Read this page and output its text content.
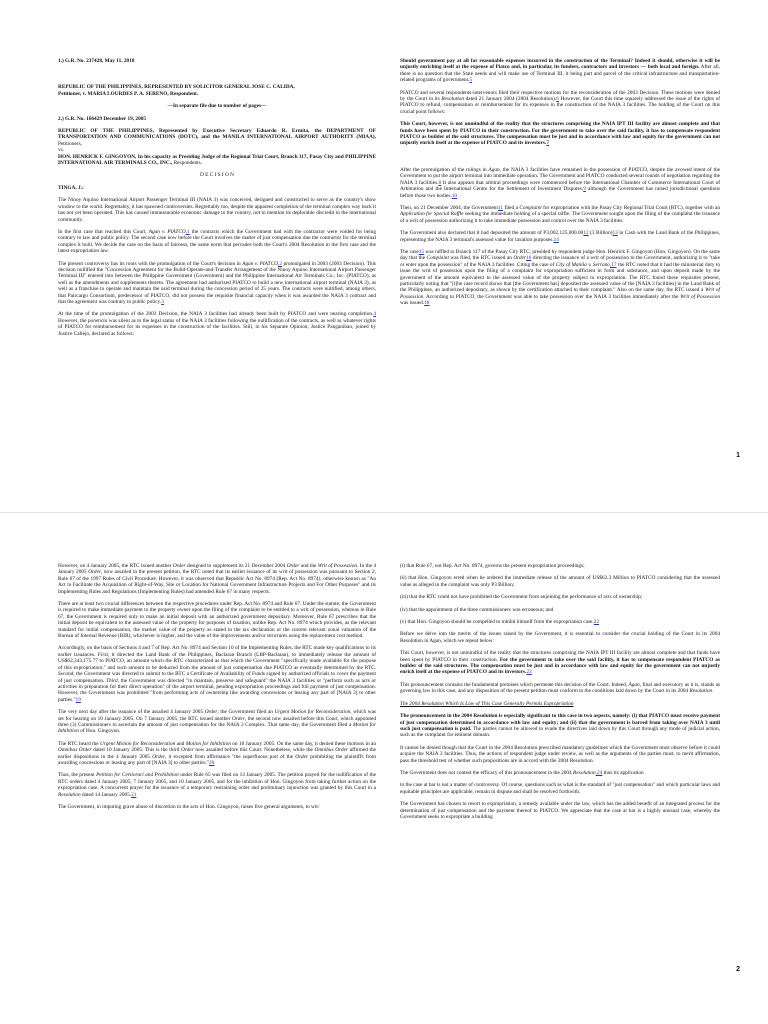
1.) G.R. No. 237428, May 11, 2018

REPUBLIC OF THE PHILIPPINES, REPRESENTED BY SOLICITOR GENERAL JOSE C. CALIDA,
Petitioner, v. MARIA LOURDES P. A. SERENO, Respondent.

—In separate file due to number of pages—

2.) G.R. No. 166429 December 19, 2005

REPUBLIC OF THE PHILIPPINES, Represented by Executive Secretary Eduardo R. Ermita, the DEPARTMENT OF TRANSPORTATION AND COMMUNICATIONS (DOTC), and the MANILA INTERNATIONAL AIRPORT AUTHORITY (MIAA), Petitioners,
vs.
HON. HENRICK F. GINGOYON, In his capacity as Presiding Judge of the Regional Trial Court, Branch 117, Pasay City and PHILIPPINE INTERNATIONAL AIR TERMINALS CO., INC., Respondents.

D E C I S I O N

TINGA, J.:

The Ninoy Aquino International Airport Passenger Terminal III (NAIA 3) was conceived, designed and constructed to serve as the country's show window to the world. Regrettably, it has spawned controversies. Regrettably too, despite the apparent completion of the terminal complex way back it has not yet been operated. This has caused immeasurable economic damage to the country, not to mention its deplorable discredit in the international community.

In the first case that reached this Court, Agan v. PIATCO,1 the contracts which the Government had with the contractor were voided for being contrary to law and public policy. The second case now before the Court involves the matter of just compensation due the contractor for the terminal complex it built. We decide the case on the basis of fairness, the same norm that pervades both the Court's 2004 Resolution in the first case and the latest expropriation law.

The present controversy has its roots with the promulgation of the Court's decision in Agan v. PIATCO,2 promulgated in 2003 (2003 Decision). This decision nullified the "Concession Agreement for the Build-Operate-and-Transfer Arrangement of the Ninoy Aquino International Airport Passenger Terminal III" entered into between the Philippine Government (Government) and the Philippine International Air Terminals Co., Inc. (PIATCO), as well as the amendments and supplements thereto. The agreement had authorized PIATCO to build a new international airport terminal (NAIA 3), as well as a franchise to operate and maintain the said terminal during the concession period of 25 years. The contracts were nullified, among others, that Paircargo Consortium, predecessor of PIATCO, did not possess the requisite financial capacity when it was awarded the NAIA 3 contract and that the agreement was contrary to public policy.3

At the time of the promulgation of the 2003 Decision, the NAIA 3 facilities had already been built by PIATCO and were nearing completion.4 However, the ponencia was silent as to the legal status of the NAIA 3 facilities following the nullification of the contracts, as well as whatever rights of PIATCO for reimbursement for its expenses in the construction of the facilities. Still, in his Separate Opinion, Justice Panganiban, joined by Justice Callejo, declared as follows:

Should government pay at all for reasonable expenses incurred in the construction of the Terminal? Indeed it should, otherwise it will be unjustly enriching itself at the expense of Piatco and, in particular, its funders, contractors and investors — both local and foreign. After all, there is no question that the State needs and will make use of Terminal III, it being part and parcel of the critical infrastructure and transportation-related programs of government.5

PIATCO and several respondents-intervenors filed their respective motions for the reconsideration of the 2003 Decision. These motions were denied by the Court in its Resolution dated 21 January 2004 (2004 Resolution).6 However, the Court this time squarely addressed the issue of the rights of PIATCO to refund, compensation or reimbursement for its expenses in the construction of the NAIA 3 facilities. The holding of the Court on this crucial point follows:

This Court, however, is not unmindful of the reality that the structures comprising the NAIA IPT III facility are almost complete and that funds have been spent by PIATCO in their construction. For the government to take over the said facility, it has to compensate respondent PIATCO as builder of the said structures. The compensation must be just and in accordance with law and equity for the government can not unjustly enrich itself at the expense of PIATCO and its investors.7

After the promulgation of the rulings in Agan, the NAIA 3 facilities have remained in the possession of PIATCO, despite the avowed intent of the Government to put the airport terminal into immediate operation. The Government and PIATCO conducted several rounds of negotiation regarding the NAIA 3 facilities.8 It also appears that arbitral proceedings were commenced before the International Chamber of Commerce International Court of Arbitration and the International Centre for the Settlement of Investment Disputes,9 although the Government has raised jurisdictional questions before those two bodies.10

Then, on 21 December 2004, the Government11 filed a Complaint for expropriation with the Pasay City Regional Trial Court (RTC), together with an Application for Special Raffle seeking the immediate holding of a special raffle. The Government sought upon the filing of the complaint the issuance of a writ of possession authorizing it to take immediate possession and control over the NAIA 3 facilities.

The Government also declared that it had deposited the amount of P3,002,125,000.0012 (3 Billion)13 in Cash with the Land Bank of the Philippines, representing the NAIA 3 terminal's assessed value for taxation purposes.14

The case15 was raffled to Branch 117 of the Pasay City RTC, presided by respondent judge Hon. Henrick F. Gingoyon (Hon. Gingoyon). On the same day that the Complaint was filed, the RTC issued an Order16 directing the issuance of a writ of possession to the Government, authorizing it to "take or enter upon the possession" of the NAIA 3 facilities. Citing the case of City of Manila v. Serrano,17 the RTC noted that it had the ministerial duty to issue the writ of possession upon the filing of a complaint for expropriation sufficient in form and substance, and upon deposit made by the government of the amount equivalent to the assessed value of the property subject to expropriation. The RTC found these requisites present, particularly noting that "[t]he case record shows that [the Government has] deposited the assessed value of the [NAIA 3 facilities] in the Land Bank of the Philippines, an authorized depositary, as shown by the certification attached to their complaint." Also on the same day, the RTC issued a Writ of Possession. According to PIATCO, the Government was able to take possession over the NAIA 3 facilities immediately after the Writ of Possession was issued.18

1

However, on 4 January 2005, the RTC issued another Order designed to supplement its 21 December 2004 Order and the Writ of Possession. In the 4 January 2005 Order, now assailed in the present petition, the RTC noted that its earlier issuance of its writ of possession was pursuant to Section 2, Rule 67 of the 1997 Rules of Civil Procedure. However, it was observed that Republic Act No. 8974 (Rep. Act No. 8974), otherwise known as "An Act to Facilitate the Acquisition of Right-of-Way, Site or Location for National Government Infrastructure Projects and For Other Purposes" and its Implementing Rules and Regulations (Implementing Rules) had amended Rule 67 in many respects.

There are at least two crucial differences between the respective procedures under Rep. Act No. 8974 and Rule 67. Under the statute, the Government is required to make immediate payment to the property owner upon the filing of the complaint to be entitled to a writ of possession, whereas in Rule 67, the Government is required only to make an initial deposit with an authorized government depositary. Moreover, Rule 67 prescribes that the initial deposit be equivalent to the assessed value of the property for purposes of taxation, unlike Rep. Act No. 8974 which provides, as the relevant standard for initial compensation, the market value of the property as stated in the tax declaration or the current relevant zonal valuation of the Bureau of Internal Revenue (BIR), whichever is higher, and the value of the improvements and/or structures using the replacement cost method.

Accordingly, on the basis of Sections 4 and 7 of Rep. Act No. 8974 and Section 10 of the Implementing Rules, the RTC made key qualifications to its earlier issuances. First, it directed the Land Bank of the Philippines, Baclaran Branch (LBP-Baclaran), to immediately release the amount of US$62,343,175.77 to PIATCO, an amount which the RTC characterized as that which the Government "specifically made available for the purpose of this expropriation;" and such amount to be deducted from the amount of just compensation due PIATCO as eventually determined by the RTC. Second, the Government was directed to submit to the RTC a Certificate of Availability of Funds signed by authorized officials to cover the payment of just compensation. Third, the Government was directed "to maintain, preserve and safeguard" the NAIA 3 facilities or "perform such as acts or activities in preparation for their direct operation" of the airport terminal, pending expropriation proceedings and full payment of just compensation. However, the Government was prohibited "from performing acts of ownership like awarding concessions or leasing any part of [NAIA 3] to other parties."19

The very next day after the issuance of the assailed 4 January 2005 Order, the Government filed an Urgent Motion for Reconsideration, which was set for hearing on 10 January 2005. On 7 January 2005, the RTC issued another Order, the second now assailed before this Court, which appointed three (3) Commissioners to ascertain the amount of just compensation for the NAIA 3 Complex. That same day, the Government filed a Motion for Inhibition of Hon. Gingoyon.

The RTC heard the Urgent Motion for Reconsideration and Motion for Inhibition on 10 January 2005. On the same day, it denied these motions in an Omnibus Order dated 10 January 2005. This is the third Order now assailed before this Court. Nonetheless, while the Omnibus Order affirmed the earlier dispositions in the 4 January 2005 Order, it excepted from affirmance "the superfluous part of the Order prohibiting the plaintiffs from awarding concessions or leasing any part of [NAIA 3] to other parties."20

Thus, the present Petition for Certiorari and Prohibition under Rule 65 was filed on 13 January 2005. The petition prayed for the nullification of the RTC orders dated 4 January 2005, 7 January 2005, and 10 January 2005, and for the inhibition of Hon. Gingoyon from taking further action on the expropriation case. A concurrent prayer for the issuance of a temporary restraining order and preliminary injunction was granted by this Court in a Resolution dated 14 January 2005.21

The Government, in imputing grave abuse of discretion to the acts of Hon. Gingoyon, raises five general arguments, to wit:

(i) that Rule 67, not Rep. Act No. 8974, governs the present expropriation proceedings;

(ii) that Hon. Gingoyon erred when he ordered the immediate release of the amount of US$62.3 Million to PIATCO considering that the assessed value as alleged in the complaint was only P3 Billion;

(iii) that the RTC could not have prohibited the Government from enjoining the performance of acts of ownership;

(iv) that the appointment of the three commissioners was erroneous; and

(v) that Hon. Gingoyon should be compelled to inhibit himself from the expropriation case.22

Before we delve into the merits of the issues raised by the Government, it is essential to consider the crucial holding of the Court in its 2004 Resolution in Agan, which we repeat below:

This Court, however, is not unmindful of the reality that the structures comprising the NAIA IPT III facility are almost complete and that funds have been spent by PIATCO in their construction. For the government to take over the said facility, it has to compensate respondent PIATCO as builder of the said structures. The compensation must be just and in accordance with law and equity for the government can not unjustly enrich itself at the expense of PIATCO and its investors.23

This pronouncement contains the fundamental premises which permeate this decision of the Court. Indeed, Agan, final and executory as it is, stands as governing law in this case, and any disposition of the present petition must conform to the conditions laid down by the Court in its 2004 Resolution.

The 2004 Resolution Which Is Law of This Case Generally Permits Expropriation

The pronouncement in the 2004 Resolution is especially significant to this case in two aspects, namely: (i) that PIATCO must receive payment of just compensation determined in accordance with law and equity; and (ii) that the government is barred from taking over NAIA 3 until such just compensation is paid. The parties cannot be allowed to evade the directives laid down by this Court through any mode of judicial action, such as the complaint for eminent domain.

It cannot be denied though that the Court in the 2004 Resolution prescribed mandatory guidelines which the Government must observe before it could acquire the NAIA 3 facilities. Thus, the actions of respondent judge under review, as well as the arguments of the parties must, to merit affirmation, pass the threshold test of whether such propositions are in accord with the 2004 Resolution.

The Government does not contest the efficacy of this pronouncement in the 2004 Resolution,24 thus its application

to the case at bar is not a matter of controversy. Of course, questions such as what is the standard of "just compensation" and which particular laws and equitable principles are applicable, remain in dispute and shall be resolved forthwith.

The Government has chosen to resort to expropriation, a remedy available under the law, which has the added benefit of an integrated process for the determination of just compensation and the payment thereof to PIATCO. We appreciate that the case at bar is a highly unusual case, whereby the Government seeks to expropriate a building

2
